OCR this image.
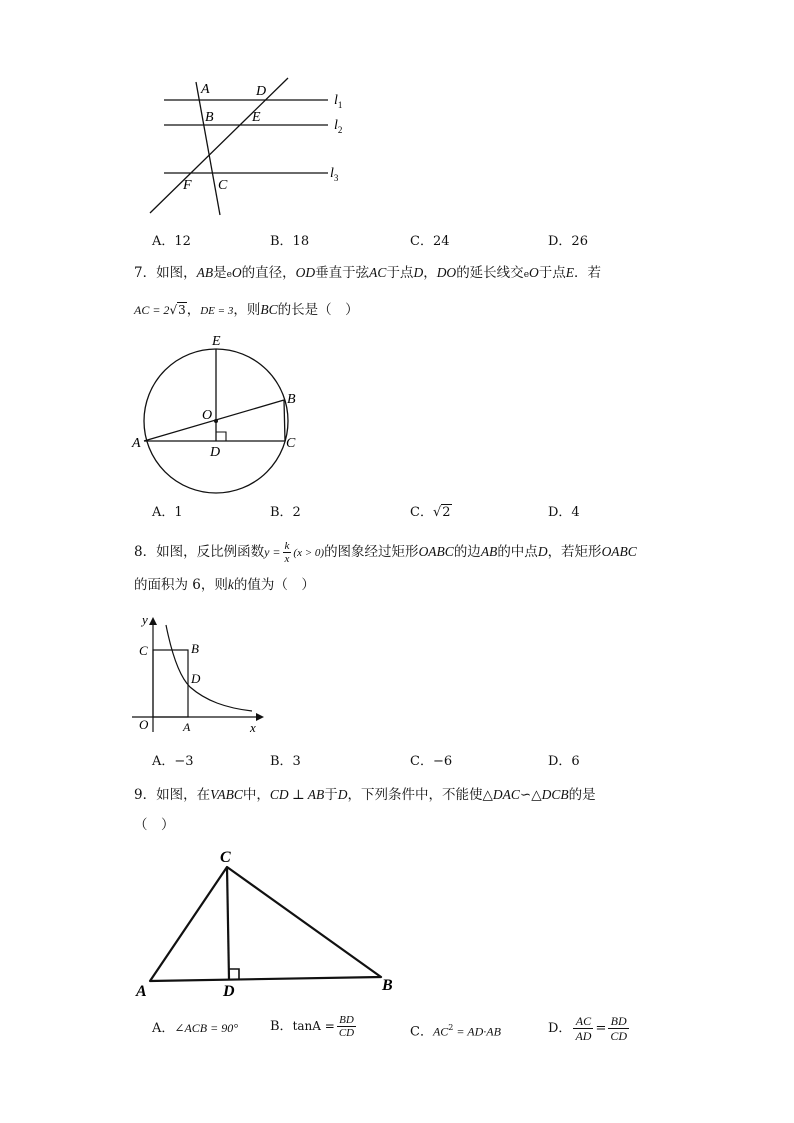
A	D
B	E
F C
$l_1$
$l_2$
$l_3$
A．12	B．18	C．24	D．26
7．如图，AB是eO的直径，OD垂直于弦AC于点D，DO的延长线交eO于点E．若
AC = 2√3，DE = 3，则BC的长是（　）
E
O
B
A
D
C
A．1	B．2	C．√2	D．4
8．如图，反比例函数$y = \frac{k}{x} (x > 0)$的图象经过矩形OABC的边AB的中点D，若矩形OABC
的面积为 6，则k的值为（　）
y
x
C	B
D
O	A
A．−3	B．3	C．−6	D．6
9．如图，在VABC中，CD ⊥ AB于D，下列条件中，不能使△DAC∽△DCB的是
（　）
C
A	D	B
A．∠ACB = 90° B．$\tan A = \frac{BD}{CD}$	C．$AC^2 = AD\cdot AB$	D． $\frac{AC}{AD} = \frac{BD}{CD}$
